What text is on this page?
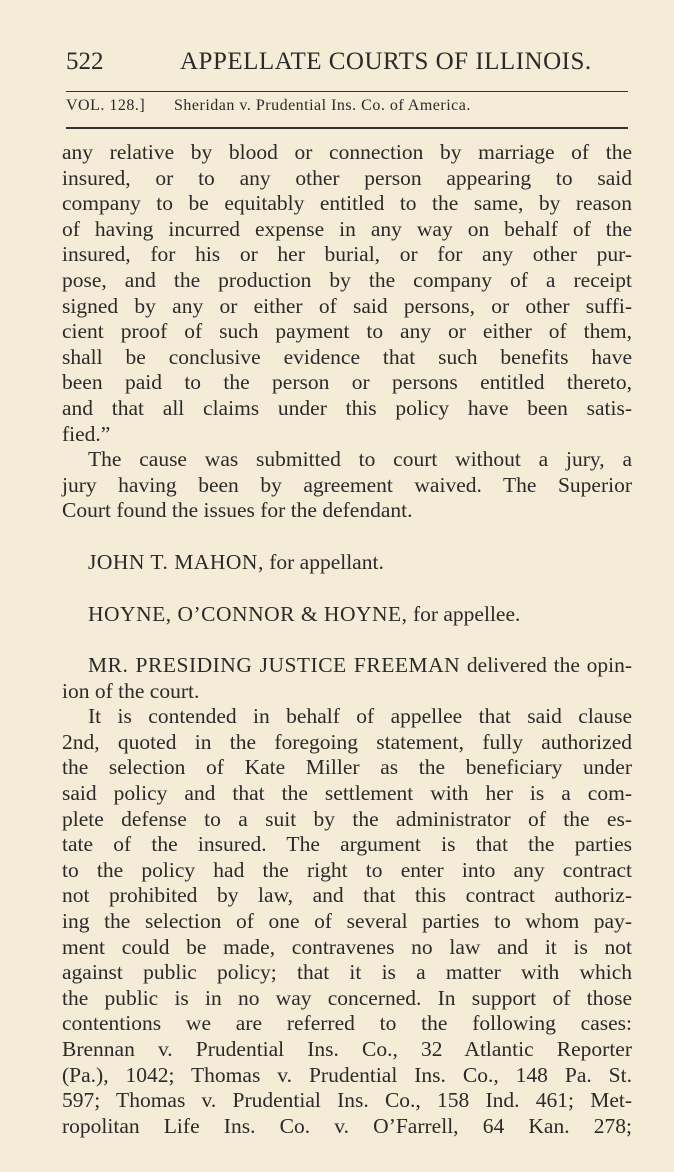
522	APPELLATE COURTS OF ILLINOIS.
VOL. 128.] Sheridan v. Prudential Ins. Co. of America.
any relative by blood or connection by marriage of the
insured, or to any other person appearing to said
company to be equitably entitled to the same, by reason
of having incurred expense in any way on behalf of the
insured, for his or her burial, or for any other pur-
pose, and the production by the company of a receipt
signed by any or either of said persons, or other suffi-
cient proof of such payment to any or either of them,
shall be conclusive evidence that such benefits have
been paid to the person or persons entitled thereto,
and that all claims under this policy have been satis-
fied.”
The cause was submitted to court without a jury, a
jury having been by agreement waived. The Superior
Court found the issues for the defendant.
JOHN T. MAHON, for appellant.
HOYNE, O’CONNOR & HOYNE, for appellee.
MR. PRESIDING JUSTICE FREEMAN delivered the opin-
ion of the court.
It is contended in behalf of appellee that said clause
2nd, quoted in the foregoing statement, fully authorized
the selection of Kate Miller as the beneficiary under
said policy and that the settlement with her is a com-
plete defense to a suit by the administrator of the es-
tate of the insured. The argument is that the parties
to the policy had the right to enter into any contract
not prohibited by law, and that this contract authoriz-
ing the selection of one of several parties to whom pay-
ment could be made, contravenes no law and it is not
against public policy; that it is a matter with which
the public is in no way concerned. In support of those
contentions we are referred to the following cases:
Brennan v. Prudential Ins. Co., 32 Atlantic Reporter
(Pa.), 1042; Thomas v. Prudential Ins. Co., 148 Pa. St.
597; Thomas v. Prudential Ins. Co., 158 Ind. 461; Met-
ropolitan Life Ins. Co. v. O’Farrell, 64 Kan. 278;
